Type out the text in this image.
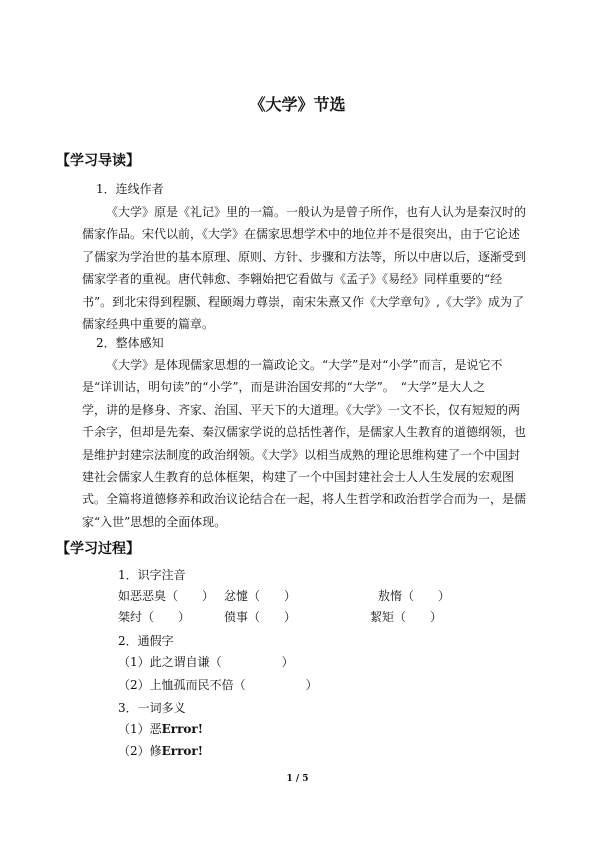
《大学》节选
【学习导读】
1．连线作者
《大学》原是《礼记》里的一篇。一般认为是曾子所作，也有人认为是秦汉时的
儒家作品。宋代以前，《大学》在儒家思想学术中的地位并不是很突出，由于它论述
了儒家为学治世的基本原理、原则、方针、步骤和方法等，所以中唐以后，逐渐受到
儒家学者的重视。唐代韩愈、李翱始把它看做与《孟子》《易经》同样重要的“经
书”。到北宋得到程颢、程颐竭力尊崇，南宋朱熹又作《大学章句》,《大学》成为了
儒家经典中重要的篇章。
2．整体感知
《大学》是体现儒家思想的一篇政论文。“大学”是对“小学”而言，是说它不
是“详训诂，明句读”的“小学”，而是讲治国安邦的“大学”。　“大学”是大人之
学，讲的是修身、齐家、治国、平天下的大道理。《大学》一文不长，仅有短短的两
千余字，但却是先秦、秦汉儒家学说的总括性著作，是儒家人生教育的道德纲领，也
是维护封建宗法制度的政治纲领。《大学》以相当成熟的理论思维构建了一个中国封
建社会儒家人生教育的总体框架，构建了一个中国封建社会士人人生发展的宏观图
式。全篇将道德修养和政治议论结合在一起，将人生哲学和政治哲学合而为一，是儒
家“入世”思想的全面体现。
【学习过程】
1．识字注音
如恶恶臭（　　） 忿懥（　　）	敖惰（　　）
桀纣（　　）	偾事（　　）	絜矩（　　）
2．通假字
（1）此之谓自谦（　　　　　）
（2）上恤孤而民不倍（　　　　　）
3．一词多义
（1）恶Error!
（2）修Error!
1 / 5
